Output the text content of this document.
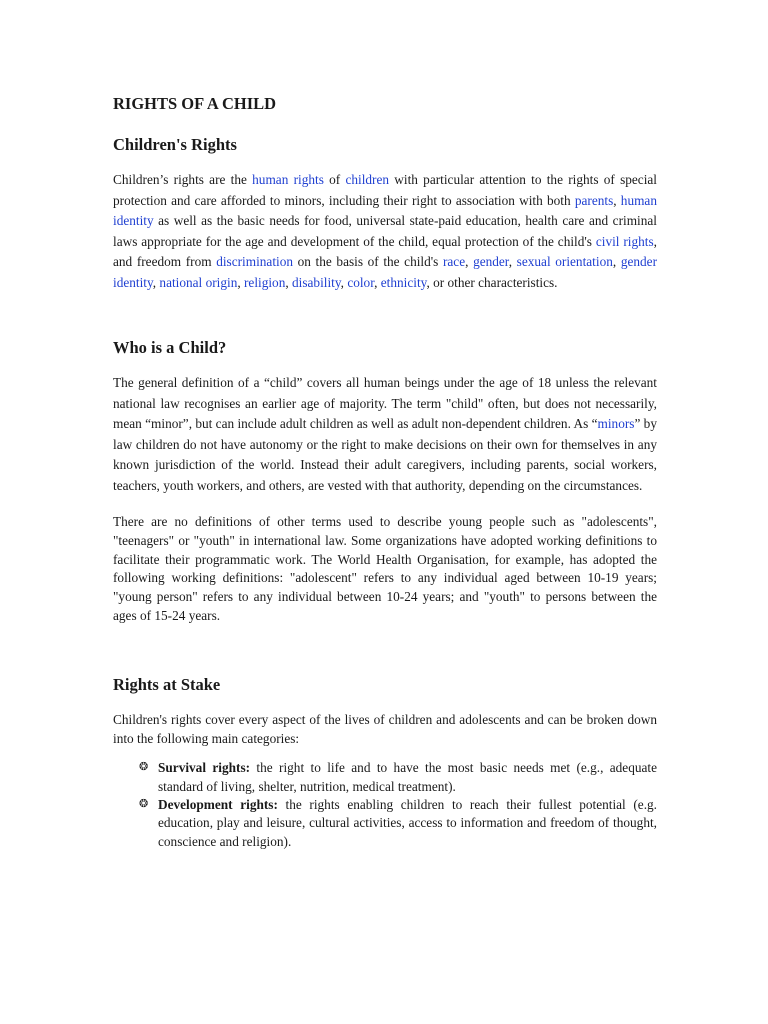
RIGHTS OF A CHILD
Children's Rights

Children’s rights are the human rights of children with particular attention to the rights of special protection and care afforded to minors, including their right to association with both parents, human identity as well as the basic needs for food, universal state-paid education, health care and criminal laws appropriate for the age and development of the child, equal protection of the child's civil rights, and freedom from discrimination on the basis of the child's race, gender, sexual orientation, gender identity, national origin, religion, disability, color, ethnicity, or other characteristics.

Who is a Child?

The general definition of a “child” covers all human beings under the age of 18 unless the relevant national law recognises an earlier age of majority. The term "child" often, but does not necessarily, mean “minor”, but can include adult children as well as adult non-dependent children. As “minors” by law children do not have autonomy or the right to make decisions on their own for themselves in any known jurisdiction of the world. Instead their adult caregivers, including parents, social workers, teachers, youth workers, and others, are vested with that authority, depending on the circumstances.

There are no definitions of other terms used to describe young people such as "adolescents", "teenagers" or "youth" in international law. Some organizations have adopted working definitions to facilitate their programmatic work. The World Health Organisation, for example, has adopted the following working definitions: "adolescent" refers to any individual aged between 10-19 years; "young person" refers to any individual between 10-24 years; and "youth" to persons between the ages of 15-24 years.

Rights at Stake

Children's rights cover every aspect of the lives of children and adolescents and can be broken down into the following main categories:

❂ Survival rights: the right to life and to have the most basic needs met (e.g., adequate standard of living, shelter, nutrition, medical treatment).
❂ Development rights: the rights enabling children to reach their fullest potential (e.g. education, play and leisure, cultural activities, access to information and freedom of thought, conscience and religion).
